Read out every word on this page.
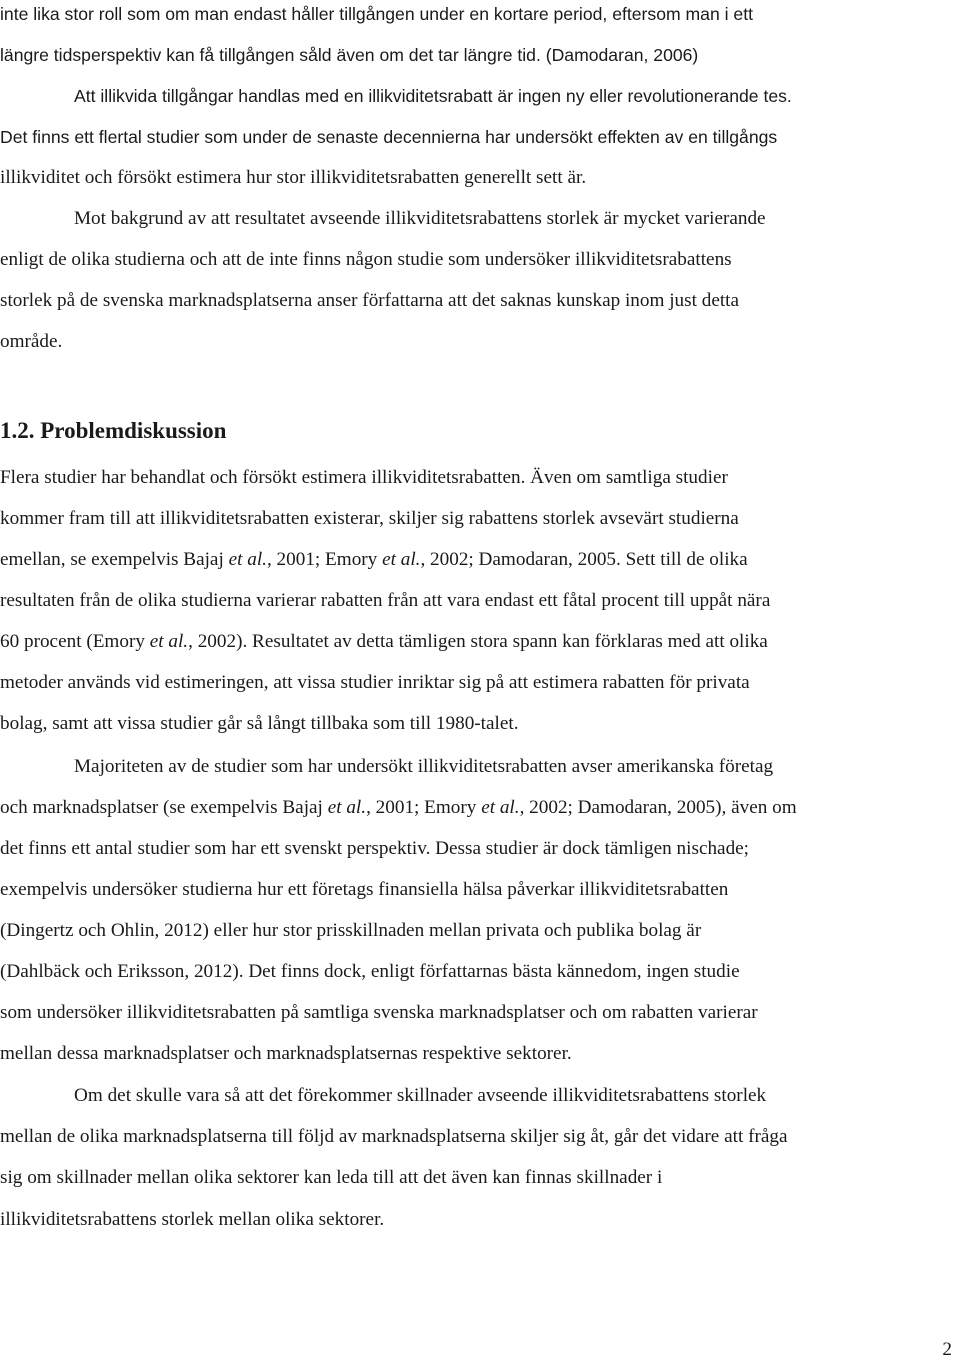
inte lika stor roll som om man endast håller tillgången under en kortare period, eftersom man i ett
längre tidsperspektiv kan få tillgången såld även om det tar längre tid. (Damodaran, 2006)
Att illikvida tillgångar handlas med en illikviditetsrabatt är ingen ny eller revolutionerande tes.
Det finns ett flertal studier som under de senaste decennierna har undersökt effekten av en tillgångs
illikviditet och försökt estimera hur stor illikviditetsrabatten generellt sett är.
Mot bakgrund av att resultatet avseende illikviditetsrabattens storlek är mycket varierande
enligt de olika studierna och att de inte finns någon studie som undersöker illikviditetsrabattens
storlek på de svenska marknadsplatserna anser författarna att det saknas kunskap inom just detta
område.
1.2. Problemdiskussion
Flera studier har behandlat och försökt estimera illikviditetsrabatten. Även om samtliga studier
kommer fram till att illikviditetsrabatten existerar, skiljer sig rabattens storlek avsevärt studierna
emellan, se exempelvis Bajaj et al., 2001; Emory et al., 2002; Damodaran, 2005. Sett till de olika
resultaten från de olika studierna varierar rabatten från att vara endast ett fåtal procent till uppåt nära
60 procent (Emory et al., 2002). Resultatet av detta tämligen stora spann kan förklaras med att olika
metoder används vid estimeringen, att vissa studier inriktar sig på att estimera rabatten för privata
bolag, samt att vissa studier går så långt tillbaka som till 1980-talet.
Majoriteten av de studier som har undersökt illikviditetsrabatten avser amerikanska företag
och marknadsplatser (se exempelvis Bajaj et al., 2001; Emory et al., 2002; Damodaran, 2005), även om
det finns ett antal studier som har ett svenskt perspektiv. Dessa studier är dock tämligen nischade;
exempelvis undersöker studierna hur ett företags finansiella hälsa påverkar illikviditetsrabatten
(Dingertz och Ohlin, 2012) eller hur stor prisskillnaden mellan privata och publika bolag är
(Dahlbäck och Eriksson, 2012). Det finns dock, enligt författarnas bästa kännedom, ingen studie
som undersöker illikviditetsrabatten på samtliga svenska marknadsplatser och om rabatten varierar
mellan dessa marknadsplatser och marknadsplatsernas respektive sektorer.
Om det skulle vara så att det förekommer skillnader avseende illikviditetsrabattens storlek
mellan de olika marknadsplatserna till följd av marknadsplatserna skiljer sig åt, går det vidare att fråga
sig om skillnader mellan olika sektorer kan leda till att det även kan finnas skillnader i
illikviditetsrabattens storlek mellan olika sektorer.
2
